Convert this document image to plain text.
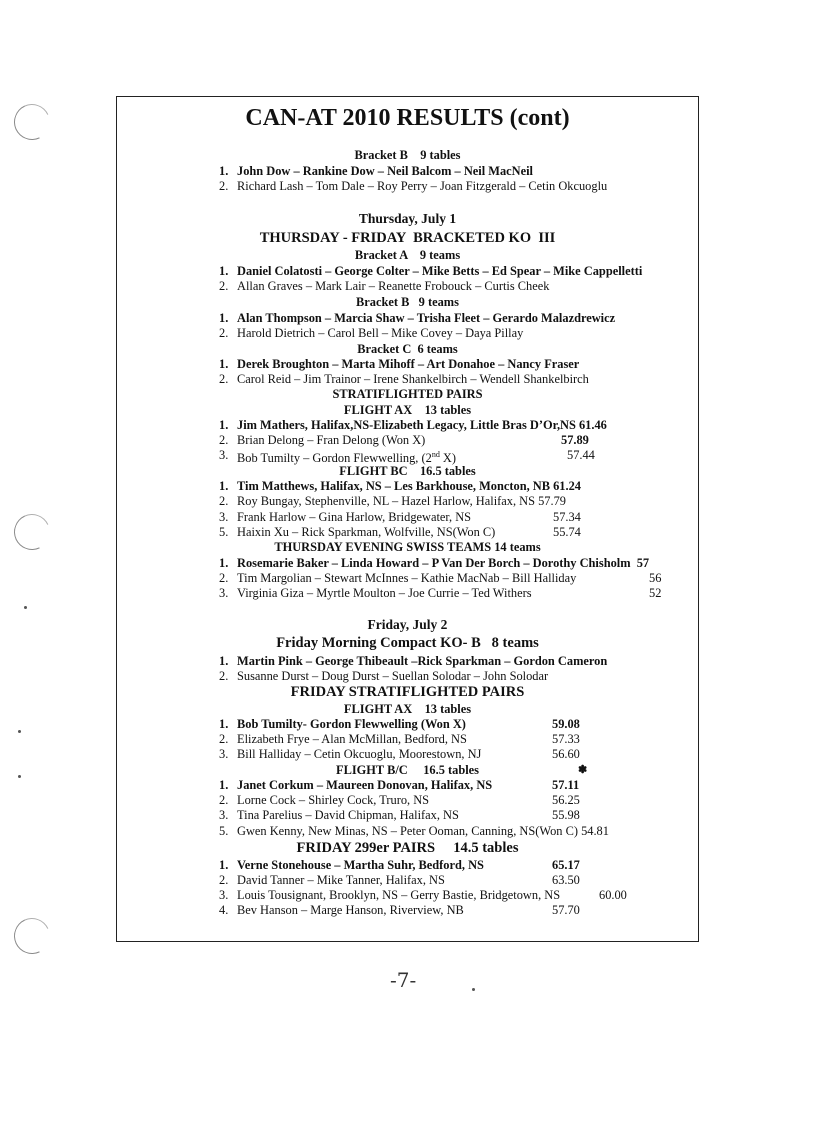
CAN-AT 2010 RESULTS (cont)
Bracket B    9 tables
1. John Dow – Rankine Dow – Neil Balcom – Neil MacNeil
2. Richard Lash – Tom Dale – Roy Perry – Joan Fitzgerald – Cetin Okcuoglu
Thursday, July 1
THURSDAY - FRIDAY  BRACKETED KO  III
Bracket A    9 teams
1. Daniel Colatosti – George Colter – Mike Betts – Ed Spear – Mike Cappelletti
2. Allan Graves – Mark Lair – Reanette Frobouck – Curtis Cheek
Bracket B   9 teams
1. Alan Thompson – Marcia Shaw – Trisha Fleet – Gerardo Malazdrewicz
2. Harold Dietrich – Carol Bell – Mike Covey – Daya Pillay
Bracket C  6 teams
1. Derek Broughton – Marta Mihoff – Art Donahoe – Nancy Fraser
2. Carol Reid – Jim Trainor – Irene Shankelbirch – Wendell Shankelbirch
STRATIFLIGHTED PAIRS
FLIGHT AX    13 tables
1. Jim Mathers, Halifax,NS-Elizabeth Legacy, Little Bras D’Or,NS 61.46
2. Brian Delong – Fran Delong (Won X)	57.89
3. Bob Tumilty – Gordon Flewwelling, (2nd X)	57.44
FLIGHT BC    16.5 tables
1. Tim Matthews, Halifax, NS – Les Barkhouse, Moncton, NB 61.24
2. Roy Bungay, Stephenville, NL – Hazel Harlow, Halifax, NS 57.79
3. Frank Harlow – Gina Harlow, Bridgewater, NS	57.34
5. Haixin Xu – Rick Sparkman, Wolfville, NS(Won C)	55.74
THURSDAY EVENING SWISS TEAMS 14 teams
1. Rosemarie Baker – Linda Howard – P Van Der Borch – Dorothy Chisholm  57
2. Tim Margolian – Stewart McInnes – Kathie MacNab – Bill Halliday	56
3. Virginia Giza – Myrtle Moulton – Joe Currie – Ted Withers	52
Friday, July 2
Friday Morning Compact KO- B   8 teams
1. Martin Pink – George Thibeault –Rick Sparkman – Gordon Cameron
2. Susanne Durst – Doug Durst – Suellan Solodar – John Solodar
FRIDAY STRATIFLIGHTED PAIRS
FLIGHT AX    13 tables
1. Bob Tumilty- Gordon Flewwelling (Won X)	59.08
2. Elizabeth Frye – Alan McMillan, Bedford, NS	57.33
3. Bill Halliday – Cetin Okcuoglu, Moorestown, NJ	56.60
FLIGHT B/C     16.5 tables	✽
1. Janet Corkum – Maureen Donovan, Halifax, NS	57.11
2. Lorne Cock – Shirley Cock, Truro, NS	56.25
3. Tina Parelius – David Chipman, Halifax, NS	55.98
5. Gwen Kenny, New Minas, NS – Peter Ooman, Canning, NS(Won C) 54.81
FRIDAY 299er PAIRS     14.5 tables
1. Verne Stonehouse – Martha Suhr, Bedford, NS	65.17
2. David Tanner – Mike Tanner, Halifax, NS	63.50
3. Louis Tousignant, Brooklyn, NS – Gerry Bastie, Bridgetown, NS	60.00
4. Bev Hanson – Marge Hanson, Riverview, NB	57.70
-7-
